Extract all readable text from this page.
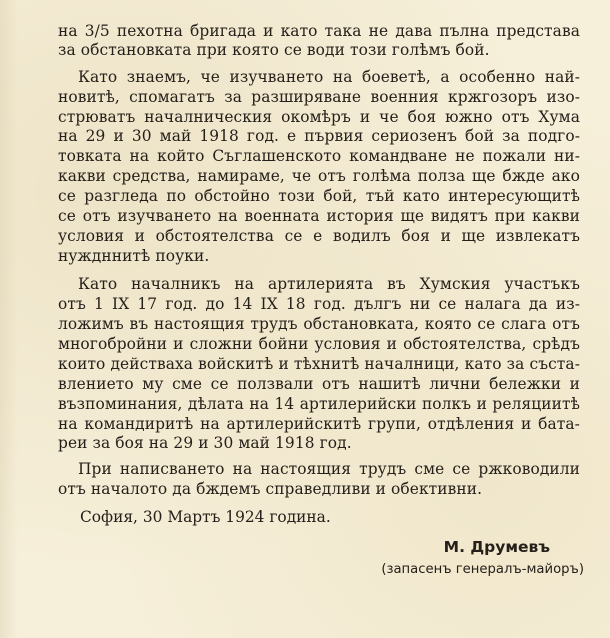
на 3/5 пехотна бригада и като така не дава пълна представа
за обстановката при която се води този голѣмъ бой.
Като знаемъ, че изучването на боеветѣ, а особенно най-
новитѣ, спомагатъ за разширяване военния кржгозоръ изо-
стрюватъ началническия окомѣръ и че боя южно отъ Хума
на 29 и 30 май 1918 год. е първия сериозенъ бой за подго-
товката на който Съглашенското командване не пожали ни-
какви средства, намираме, че отъ голѣма полза ще бжде ако
се разгледа по обстойно този бой, тъй като интересующитѣ
се отъ изучването на военната история ще видятъ при какви
условия и обстоятелства се е водилъ боя и ще извлекатъ
нуждннитѣ поуки.
Като началникъ на артилерията въ Хумския участъкъ
отъ 1 IX 17 год. до 14 IX 18 год. дългъ ни се налага да из-
ложимъ въ настоящия трудъ обстановката, която се слага отъ
многобройни и сложни бойни условия и обстоятелства, срѣдъ
които действаха войскитѣ и тѣхнитѣ началници, като за съста-
влението му сме се ползвали отъ нашитѣ лични бележки и
възпоминания, дѣлата на 14 артилерийски полкъ и реляциитѣ
на командиритѣ на артилерийскитѣ групи, отдѣления и бата-
реи за боя на 29 и 30 май 1918 год.
При написването на настоящия трудъ сме се ржководили
отъ началото да бждемъ справедливи и обективни.
София, 30 Мартъ 1924 година.
М. Друмевъ
(запасенъ генералъ-майоръ)
